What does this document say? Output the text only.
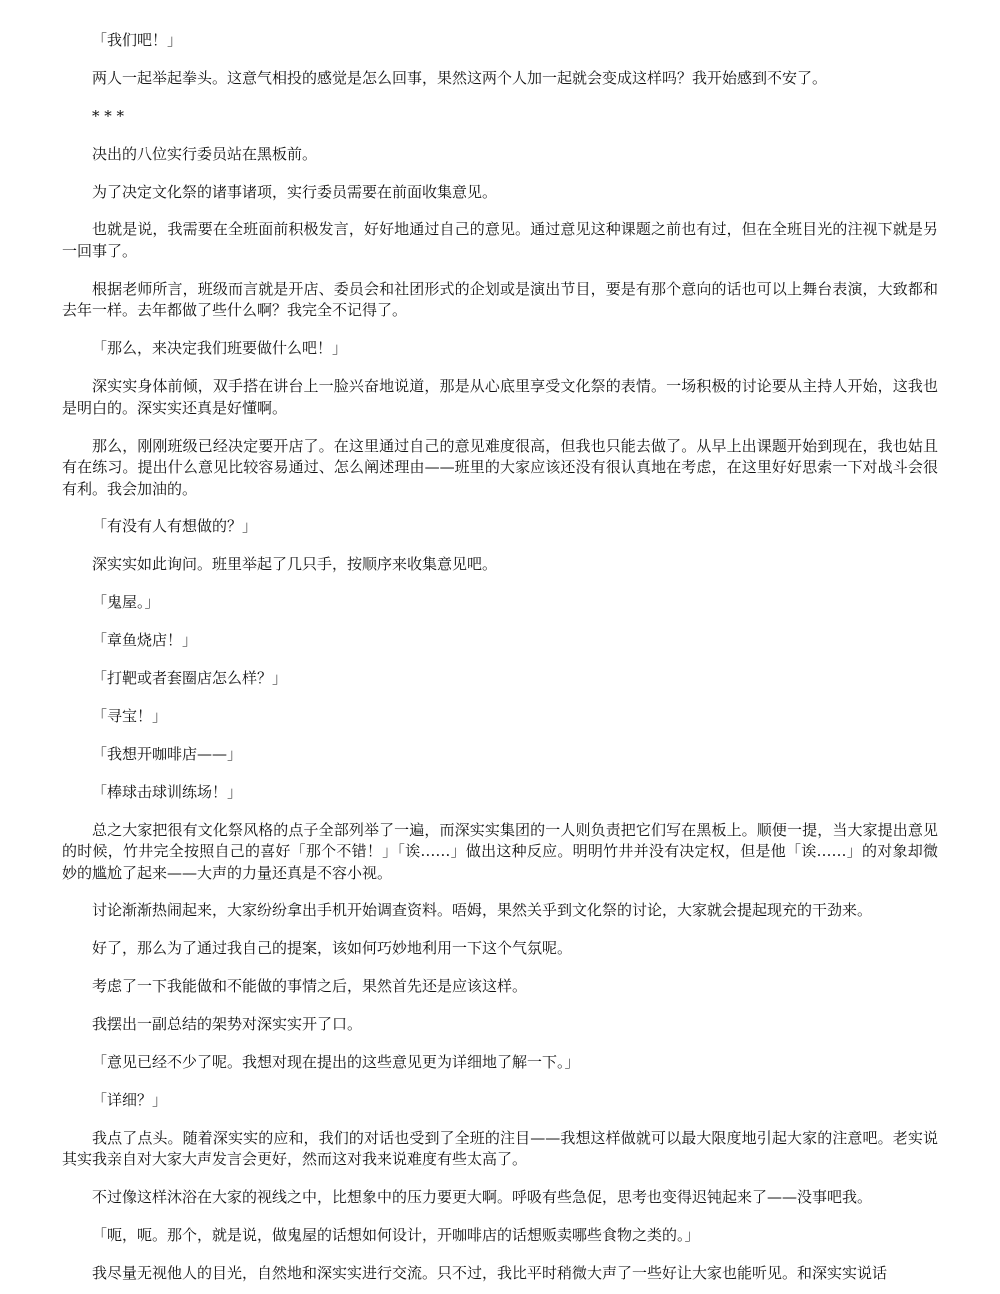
「我们吧！」

两人一起举起拳头。这意气相投的感觉是怎么回事，果然这两个人加一起就会变成这样吗？我开始感到不安了。

* * *

决出的八位实行委员站在黑板前。

为了决定文化祭的诸事诸项，实行委员需要在前面收集意见。

也就是说，我需要在全班面前积极发言，好好地通过自己的意见。通过意见这种课题之前也有过，但在全班目光的注视下就是另一回事了。

根据老师所言，班级而言就是开店、委员会和社团形式的企划或是演出节目，要是有那个意向的话也可以上舞台表演，大致都和去年一样。去年都做了些什么啊？我完全不记得了。

「那么，来决定我们班要做什么吧！」

深实实身体前倾，双手搭在讲台上一脸兴奋地说道，那是从心底里享受文化祭的表情。一场积极的讨论要从主持人开始，这我也是明白的。深实实还真是好懂啊。

那么，刚刚班级已经决定要开店了。在这里通过自己的意见难度很高，但我也只能去做了。从早上出课题开始到现在，我也姑且有在练习。提出什么意见比较容易通过、怎么阐述理由——班里的大家应该还没有很认真地在考虑，在这里好好思索一下对战斗会很有利。我会加油的。

「有没有人有想做的？」

深实实如此询问。班里举起了几只手，按顺序来收集意见吧。

「鬼屋。」

「章鱼烧店！」

「打靶或者套圈店怎么样？」

「寻宝！」

「我想开咖啡店——」

「棒球击球训练场！」

总之大家把很有文化祭风格的点子全部列举了一遍，而深实实集团的一人则负责把它们写在黑板上。顺便一提，当大家提出意见的时候，竹井完全按照自己的喜好「那个不错！」「诶……」做出这种反应。明明竹井并没有决定权，但是他「诶……」的对象却微妙的尴尬了起来——大声的力量还真是不容小视。

讨论渐渐热闹起来，大家纷纷拿出手机开始调查资料。唔姆，果然关乎到文化祭的讨论，大家就会提起现充的干劲来。

好了，那么为了通过我自己的提案，该如何巧妙地利用一下这个气氛呢。

考虑了一下我能做和不能做的事情之后，果然首先还是应该这样。

我摆出一副总结的架势对深实实开了口。

「意见已经不少了呢。我想对现在提出的这些意见更为详细地了解一下。」

「详细？」

我点了点头。随着深实实的应和，我们的对话也受到了全班的注目——我想这样做就可以最大限度地引起大家的注意吧。老实说其实我亲自对大家大声发言会更好，然而这对我来说难度有些太高了。

不过像这样沐浴在大家的视线之中，比想象中的压力要更大啊。呼吸有些急促，思考也变得迟钝起来了——没事吧我。

「呃，呃。那个，就是说，做鬼屋的话想如何设计，开咖啡店的话想贩卖哪些食物之类的。」

我尽量无视他人的目光，自然地和深实实进行交流。只不过，我比平时稍微大声了一些好让大家也能听见。和深实实说话
